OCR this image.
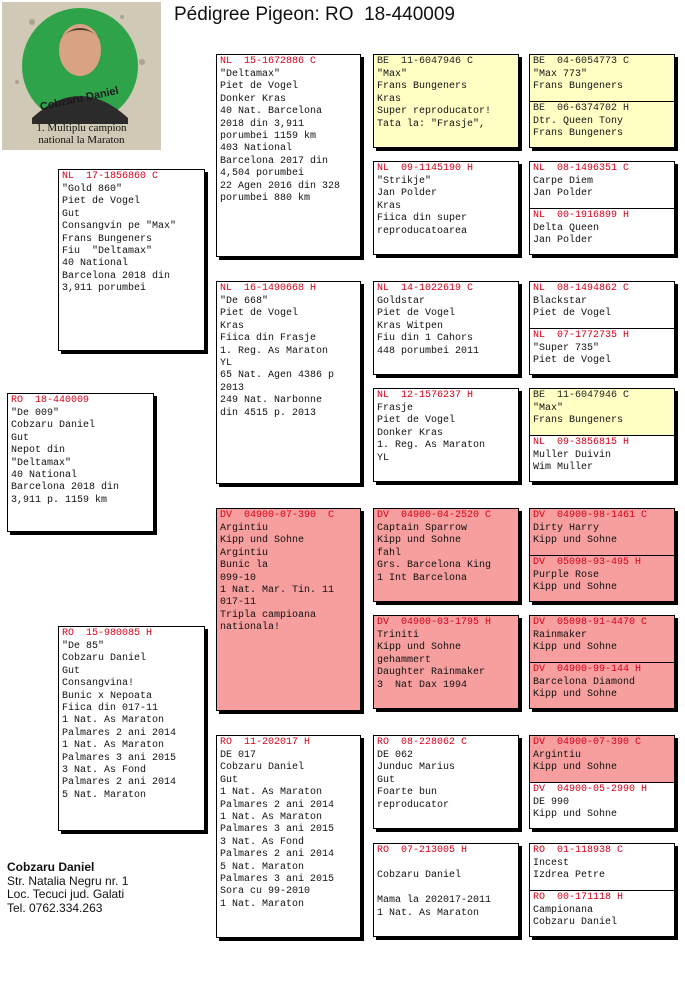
Pédigree Pigeon: RO  18-440009
Cobzaru Daniel
1. Multiplu campion
national la Maraton
RO  18-440009
"De 009"
Cobzaru Daniel
Gut
Nepot din
"Deltamax"
40 National
Barcelona 2018 din
3,911 p. 1159 km
NL  17-1856860 C
"Gold 860"
Piet de Vogel
Gut
Consangvin pe "Max"
Frans Bungeners
Fiu  "Deltamax"
40 National
Barcelona 2018 din
3,911 porumbei
RO  15-980085 H
"De 85"
Cobzaru Daniel
Gut
Consangvina!
Bunic x Nepoata
Fiica din 017-11
1 Nat. As Maraton
Palmares 2 ani 2014
1 Nat. As Maraton
Palmares 3 ani 2015
3 Nat. As Fond
Palmares 2 ani 2014
5 Nat. Maraton
NL  15-1672886 C
"Deltamax"
Piet de Vogel
Donker Kras
40 Nat. Barcelona
2018 din 3,911
porumbei 1159 km
403 National
Barcelona 2017 din
4,504 porumbei
22 Agen 2016 din 328
porumbei 880 km
NL  16-1490668 H
"De 668"
Piet de Vogel
Kras
Fiica din Frasje
1. Reg. As Maraton
YL
65 Nat. Agen 4386 p
2013
249 Nat. Narbonne
din 4515 p. 2013
DV  04900-07-390  C
Argintiu
Kipp und Sohne
Argintiu
Bunic la
099-10
1 Nat. Mar. Tin. 11
017-11
Tripla campioana
nationala!
RO  11-202017 H
DE 017
Cobzaru Daniel
Gut
1 Nat. As Maraton
Palmares 2 ani 2014
1 Nat. As Maraton
Palmares 3 ani 2015
3 Nat. As Fond
Palmares 2 ani 2014
5 Nat. Maraton
Palmares 3 ani 2015
Sora cu 99-2010
1 Nat. Maraton
BE  11-6047946 C
"Max"
Frans Bungeners
Kras
Super reproducator!
Tata la: "Frasje",
NL  09-1145190 H
"Strikje"
Jan Polder
Kras
Fiica din super
reproducatoarea
NL  14-1022619 C
Goldstar
Piet de Vogel
Kras Witpen
Fiu din 1 Cahors
448 porumbei 2011
NL  12-1576237 H
Frasje
Piet de Vogel
Donker Kras
1. Reg. As Maraton
YL
DV  04900-04-2520 C
Captain Sparrow
Kipp und Sohne
fahl
Grs. Barcelona King
1 Int Barcelona
DV  04900-03-1795 H
Triniti
Kipp und Sohne
gehammert
Daughter Rainmaker
3  Nat Dax 1994
RO  08-228062 C
DE 062
Junduc Marius
Gut
Foarte bun
reproducator
RO  07-213005 H

Cobzaru Daniel

Mama la 202017-2011
1 Nat. As Maraton
BE  04-6054773 C
"Max 773"
Frans Bungeners
BE  06-6374702 H
Dtr. Queen Tony
Frans Bungeners
NL  08-1496351 C
Carpe Diem
Jan Polder
NL  00-1916899 H
Delta Queen
Jan Polder
NL  08-1494862 C
Blackstar
Piet de Vogel
NL  07-1772735 H
"Super 735"
Piet de Vogel
BE  11-6047946 C
"Max"
Frans Bungeners
NL  09-3856815 H
Muller Duivin
Wim Muller
DV  04900-98-1461 C
Dirty Harry
Kipp und Sohne
DV  05098-93-495 H
Purple Rose
Kipp und Sohne
DV  05098-91-4470 C
Rainmaker
Kipp und Sohne
DV  04900-99-144 H
Barcelona Diamond
Kipp und Sohne
DV  04900-07-390 C
Argintiu
Kipp und Sohne
DV  04900-05-2990 H
DE 990
Kipp und Sohne
RO  01-118938 C
Incest
Izdrea Petre
RO  00-171118 H
Campionana
Cobzaru Daniel
Cobzaru Daniel
Str. Natalia Negru nr. 1
Loc. Tecuci jud. Galati
Tel. 0762.334.263
